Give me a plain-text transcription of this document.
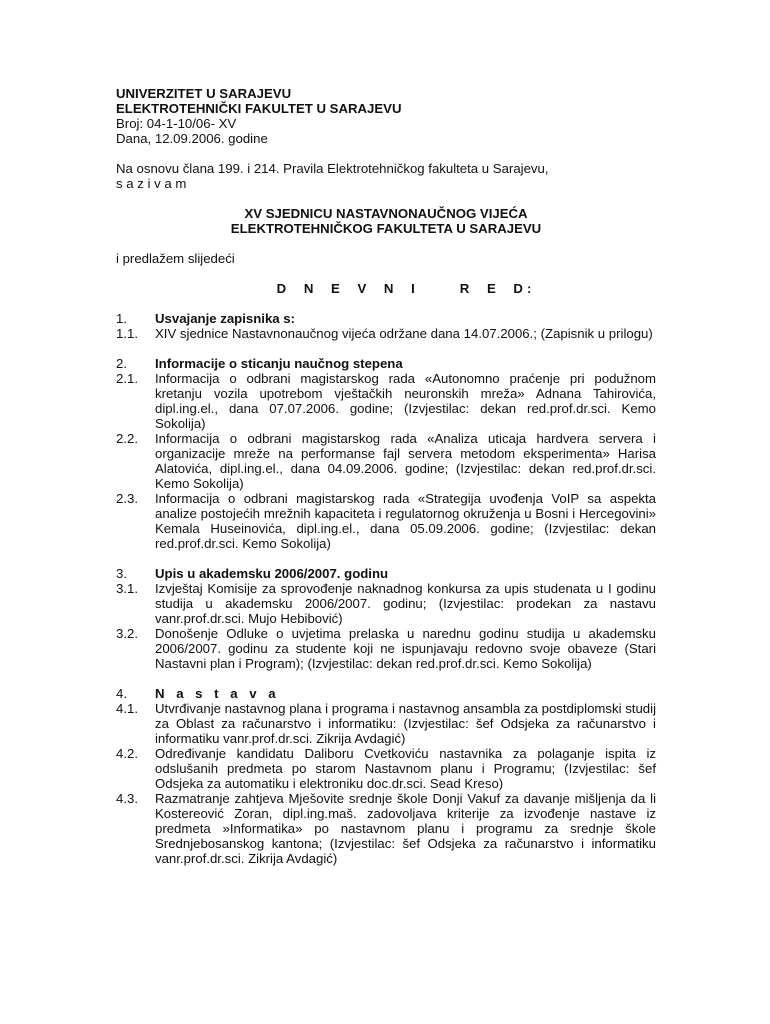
UNIVERZITET U SARAJEVU
ELEKTROTEHNIČKI FAKULTET U SARAJEVU
Broj: 04-1-10/06- XV
Dana, 12.09.2006. godine
Na osnovu člana 199. i 214. Pravila Elektrotehničkog fakulteta u Sarajevu,
s a z i v a m
XV SJEDNICU NASTAVNONAUČNOG VIJEĆA
ELEKTROTEHNIČKOG FAKULTETA U SARAJEVU
i predlažem slijedeći
D N E V N I   R E D:
1.	Usvajanje zapisnika s:
1.1.	XIV sjednice Nastavnonaučnog vijeća održane dana 14.07.2006.; (Zapisnik u prilogu)
2.	Informacije o sticanju naučnog stepena
2.1.	Informacija o odbrani magistarskog rada «Autonomno praćenje pri podužnom kretanju vozila upotrebom vještačkih neuronskih mreža» Adnana Tahirovića, dipl.ing.el., dana 07.07.2006. godine; (Izvjestilac: dekan red.prof.dr.sci. Kemo Sokolija)
2.2.	Informacija o odbrani magistarskog rada «Analiza uticaja hardvera servera i organizacije mreže na performanse fajl servera metodom eksperimenta» Harisa Alatovića, dipl.ing.el., dana 04.09.2006. godine; (Izvjestilac: dekan red.prof.dr.sci. Kemo Sokolija)
2.3.	Informacija o odbrani magistarskog rada «Strategija uvođenja VoIP sa aspekta analize postojećih mrežnih kapaciteta i regulatornog okruženja u Bosni i Hercegovini» Kemala Huseinovića, dipl.ing.el., dana 05.09.2006. godine; (Izvjestilac: dekan red.prof.dr.sci. Kemo Sokolija)
3.	Upis u akademsku 2006/2007. godinu
3.1.	Izvještaj Komisije za sprovođenje naknadnog konkursa za upis studenata u I godinu studija u akademsku 2006/2007. godinu; (Izvjestilac: prodekan za nastavu vanr.prof.dr.sci. Mujo Hebibović)
3.2.	Donošenje Odluke o uvjetima prelaska u narednu godinu studija u akademsku 2006/2007. godinu za studente koji ne ispunjavaju redovno svoje obaveze (Stari Nastavni plan i Program); (Izvjestilac: dekan red.prof.dr.sci. Kemo Sokolija)
4.	N a s t a v a
4.1.	Utvrđivanje nastavnog plana i programa i nastavnog ansambla za postdiplomski studij za Oblast za računarstvo i informatiku: (Izvjestilac: šef Odsjeka za računarstvo i informatiku vanr.prof.dr.sci. Zikrija Avdagić)
4.2.	Određivanje kandidatu Daliboru Cvetkoviću nastavnika za polaganje ispita iz odslušanih predmeta po starom Nastavnom planu i Programu; (Izvjestilac: šef Odsjeka za automatiku i elektroniku doc.dr.sci. Sead Kreso)
4.3.	Razmatranje zahtjeva Mješovite srednje škole Donji Vakuf za davanje mišljenja da li Kostereović Zoran, dipl.ing.maš. zadovoljava kriterije za izvođenje nastave iz predmeta »Informatika» po nastavnom planu i programu za srednje škole Srednjebosanskog kantona; (Izvjestilac: šef Odsjeka za računarstvo i informatiku vanr.prof.dr.sci. Zikrija Avdagić)
